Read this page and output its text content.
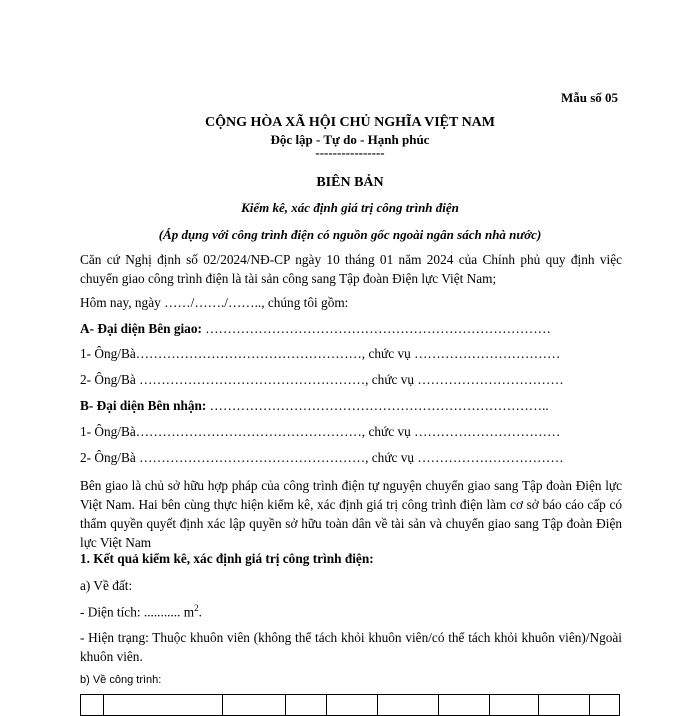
Mẫu số 05
CỘNG HÒA XÃ HỘI CHỦ NGHĨA VIỆT NAM
Độc lập - Tự do - Hạnh phúc
----------------
BIÊN BẢN
Kiểm kê, xác định giá trị công trình điện
(Áp dụng với công trình điện có nguồn gốc ngoài ngân sách nhà nước)
Căn cứ Nghị định số 02/2024/NĐ-CP ngày 10 tháng 01 năm 2024 của Chính phủ quy định việc chuyển giao công trình điện là tài sản công sang Tập đoàn Điện lực Việt Nam;
Hôm nay, ngày ……/……./…….., chúng tôi gồm:
A- Đại diện Bên giao: ……………………………………………………………………
1- Ông/Bà……………………………………………, chức vụ ……………………………
2- Ông/Bà ……………………………………………, chức vụ ……………………………
B- Đại diện Bên nhận: …………………………………………………………………..
1- Ông/Bà……………………………………………, chức vụ ……………………………
2- Ông/Bà ……………………………………………, chức vụ ……………………………
Bên giao là chủ sở hữu hợp pháp của công trình điện tự nguyện chuyển giao sang Tập đoàn Điện lực Việt Nam. Hai bên cùng thực hiện kiểm kê, xác định giá trị công trình điện làm cơ sở báo cáo cấp có thẩm quyền quyết định xác lập quyền sở hữu toàn dân về tài sản và chuyển giao sang Tập đoàn Điện lực Việt Nam
1. Kết quả kiểm kê, xác định giá trị công trình điện:
a) Về đất:
- Diện tích: ........... $m^2$.
- Hiện trạng: Thuộc khuôn viên (không thể tách khỏi khuôn viên/có thể tách khỏi khuôn viên)/Ngoài khuôn viên.
b) Về công trình:
